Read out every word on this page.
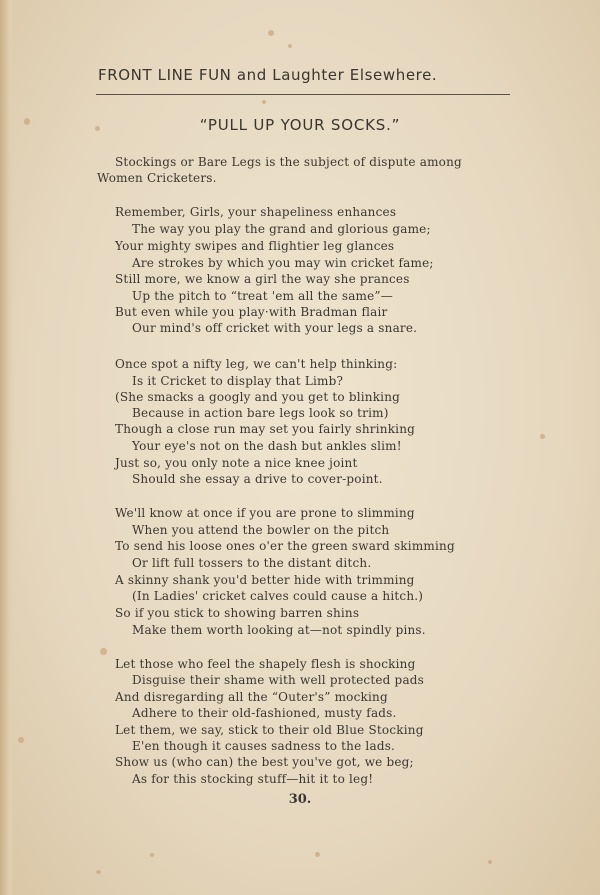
FRONT LINE FUN and Laughter Elsewhere.
“PULL UP YOUR SOCKS.”
Stockings or Bare Legs is the subject of dispute among
Women Cricketers.
Remember, Girls, your shapeliness enhances
The way you play the grand and glorious game;
Your mighty swipes and flightier leg glances
Are strokes by which you may win cricket fame;
Still more, we know a girl the way she prances
Up the pitch to “treat 'em all the same”—
But even while you play·with Bradman flair
Our mind's off cricket with your legs a snare.
Once spot a nifty leg, we can't help thinking:
Is it Cricket to display that Limb?
(She smacks a googly and you get to blinking
Because in action bare legs look so trim)
Though a close run may set you fairly shrinking
Your eye's not on the dash but ankles slim!
Just so, you only note a nice knee joint
Should she essay a drive to cover-point.
We'll know at once if you are prone to slimming
When you attend the bowler on the pitch
To send his loose ones o'er the green sward skimming
Or lift full tossers to the distant ditch.
A skinny shank you'd better hide with trimming
(In Ladies' cricket calves could cause a hitch.)
So if you stick to showing barren shins
Make them worth looking at—not spindly pins.
Let those who feel the shapely flesh is shocking
Disguise their shame with well protected pads
And disregarding all the “Outer's” mocking
Adhere to their old-fashioned, musty fads.
Let them, we say, stick to their old Blue Stocking
E'en though it causes sadness to the lads.
Show us (who can) the best you've got, we beg;
As for this stocking stuff—hit it to leg!
30.
